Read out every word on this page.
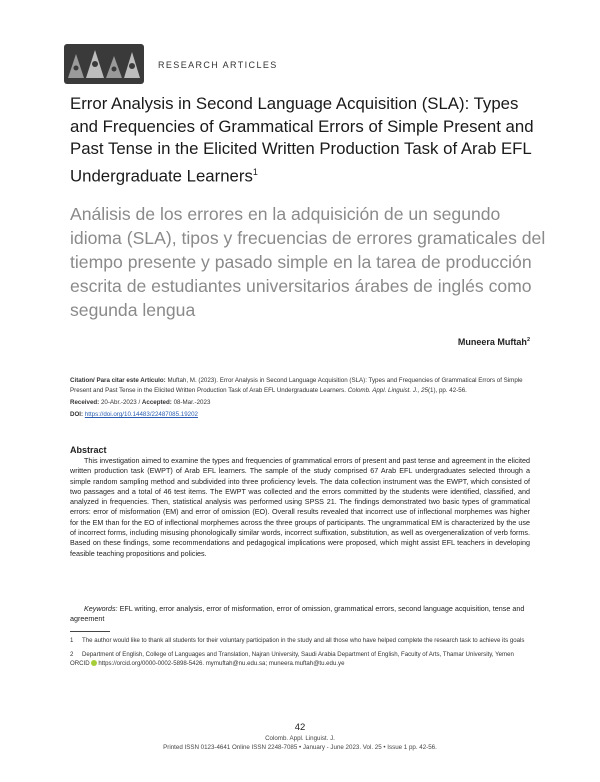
RESEARCH ARTICLES
Error Analysis in Second Language Acquisition (SLA): Types and Frequencies of Grammatical Errors of Simple Present and Past Tense in the Elicited Written Production Task of Arab EFL Undergraduate Learners$^1$
Análisis de los errores en la adquisición de un segundo idioma (SLA), tipos y frecuencias de errores gramaticales del tiempo presente y pasado simple en la tarea de producción escrita de estudiantes universitarios árabes de inglés como segunda lengua
Muneera Muftah$^2$

Citation/ Para citar este Artículo: Muftah, M. (2023). Error Analysis in Second Language Acquisition (SLA): Types and Frequencies of Grammatical Errors of Simple Present and Past Tense in the Elicited Written Production Task of Arab EFL Undergraduate Learners. Colomb. Appl. Linguist. J., 25(1), pp. 42-56.

Received: 20-Abr.-2023 / Accepted: 08-Mar.-2023

DOI: https://doi.org/10.14483/22487085.19202

Abstract
This investigation aimed to examine the types and frequencies of grammatical errors of present and past tense and agreement in the elicited written production task (EWPT) of Arab EFL learners. The sample of the study comprised 67 Arab EFL undergraduates selected through a simple random sampling method and subdivided into three proficiency levels. The data collection instrument was the EWPT, which consisted of two passages and a total of 46 test items. The EWPT was collected and the errors committed by the students were identified, classified, and analyzed in frequencies. Then, statistical analysis was performed using SPSS 21. The findings demonstrated two basic types of grammatical errors: error of misformation (EM) and error of omission (EO). Overall results revealed that incorrect use of inflectional morphemes was higher for the EM than for the EO of inflectional morphemes across the three groups of participants. The ungrammatical EM is characterized by the use of incorrect forms, including misusing phonologically similar words, incorrect suffixation, substitution, as well as overgeneralization of verb forms. Based on these findings, some recommendations and pedagogical implications were proposed, which might assist EFL teachers in developing feasible teaching propositions and policies.
Keywords: EFL writing, error analysis, error of misformation, error of omission, grammatical errors, second language acquisition, tense and agreement

1 The author would like to thank all students for their voluntary participation in the study and all those who have helped complete the research task to achieve its goals

2 Department of English, College of Languages and Translation, Najran University, Saudi Arabia Department of English, Faculty of Arts, Thamar University, Yemen ORCID https://orcid.org/0000-0002-5898-5426. mymuftah@nu.edu.sa; muneera.muftah@tu.edu.ye

42
Colomb. Appl. Linguist. J.
Printed ISSN 0123-4641 Online ISSN 2248-7085 • January - June 2023. Vol. 25 • Issue 1 pp. 42-56.
